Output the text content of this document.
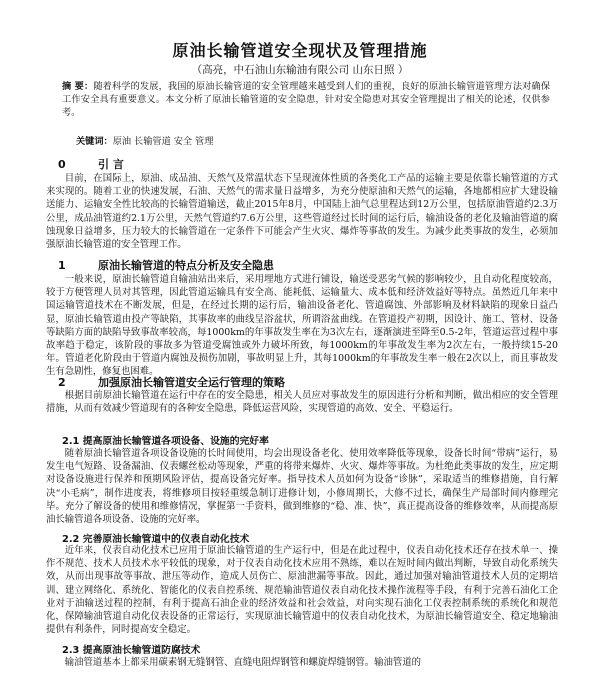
原油长输管道安全现状及管理措施
（高亮，中石油山东输油有限公司 山东日照 ）
摘 要：随着科学的发展，我国的原油长输管道的安全管理越来越受到人们的重视，良好的原油长输管道管理方法对确保工作安全具有重要意义。本文分析了原油长输管道的安全隐患，针对安全隐患对其安全管理提出了相关的论述，仅供参考。
关键词：原油 长输管道 安全 管理
0	引 言

目前，在国际上，原油、成品油、天然气及常温状态下呈现流体性质的各类化工产品的运输主要是依靠长输管道的方式来实现的。随着工业的快速发展，石油、天然气的需求量日益增多，为充分使原油和天然气的运输，各地都相应扩大建设输送能力、运输安全性比较高的长输管道输送，截止2015年8月，中国陆上油气总里程达到12万公里，包括原油管道约2.3万公里，成品油管道约2.1万公里，天然气管道约7.6万公里，这些管道经过长时间的运行后，输油设备的老化及输油管道的腐蚀现象日益增多，压力较大的长输管道在一定条件下可能会产生火灾、爆炸等事故的发生。为减少此类事故的发生，必须加强原油长输管道的安全管理工作。

1	原油长输管道的特点分析及安全隐患

一般来说，原油长输管道自输油站出来后，采用埋地方式进行铺设，输送受恶劣气候的影响较少，且自动化程度较高，较于方便管理人员对其管理，因此管道运输具有安全高、能耗低、运输量大、成本低和经济效益好等特点。虽然近几年来中国运输管道技术在不断发展，但是，在经过长期的运行后，输油设备老化、管道腐蚀、外部影响及材料缺陷的现象日益凸显，原油长输管道由投产等缺陷，其事故率的曲线呈浴盆状，所谓浴盆曲线。在管道投产初期，因设计、施工、管材、设备等缺陷方面的缺陷导致事故率较高，每1000km的年事故发生率在为3次左右，逐渐演进至降至0.5-2年，管道运营过程中事故率趋于稳定，该阶段的事故多为管道受腐蚀或外力破坏所致，每1000km的年事故发生率为2次左右，一般持续15-20年。管道老化阶段由于管道内腐蚀及损伤加剧，事故明显上升，其每1000km的年事故发生率一般在2次以上，而且事故发生有急剧性，修复也困难。

2	加强原油长输管道安全运行管理的策略

根据目前原油长输管道在运行中存在的安全隐患，相关人员应对事故发生的原因进行分析和判断，做出相应的安全管理措施，从而有效减少管道现有的各种安全隐患，降低运营风险，实现管道的高效、安全、平稳运行。

2.1 提高原油长输管道各项设备、设施的完好率

随着原油长输管道各项设备设施的长时间使用，均会出现设备老化、使用效率降低等现象，设备长时间“带病”运行，易发生电气短路、设备漏油、仪表螺丝松动等现象，严重的将带来爆炸、火灾、爆炸等事故。为杜绝此类事故的发生，应定期对设备设施进行保养和预期风险评估，提高设备完好率。指导技术人员如何为设备“诊脉”，采取适当的维修措施，自行解决“小毛病”，制作进度表，将维修项目按轻重缓急制订进修计划，小修周期长，大修不过长，确保生产局部时间内修理完毕。充分了解设备的使用和维修情况，掌握第一手资料，做到维修的“稳、准、快”，真正提高设备的维修效率，从而提高原油长输管道各项设备、设施的完好率。

2.2 完善原油长输管道中的仪表自动化技术

近年来，仪表自动化技术已应用于原油长输管道的生产运行中，但是在此过程中，仪表自动化技术还存在技术单一、操作不规范、技术人员技术水平较低的现象，对于仪表自动化技术应用不熟练，难以在短时间内做出判断，导致自动化系统失效，从而出现事故等事故、泄压等动作，造成人员伤亡、原油泄漏等事故。因此，通过加强对输油管道技术人员的定期培训、建立网络化、系统化、智能化的仪表自控系统、规范输油管道仪表自动化技术操作流程等手段，有利于完善石油化工企业对于油输送过程的控制，有利于提高石油企业的经济效益和社会效益，对向实现石油化工仪表控制系统的系统化和规范化，保障输油管道自动化仪表设备的正常运行，实现原油长输管道中的仪表自动化技术，为原油长输管道安全、稳定地输油提供有利条件，同时提高安全稳定。

2.3 提高原油长输管道防腐技术

输油管道基本上都采用碳素钢无缝钢管、直缝电阻焊钢管和螺旋焊缝钢管。输油管道的
